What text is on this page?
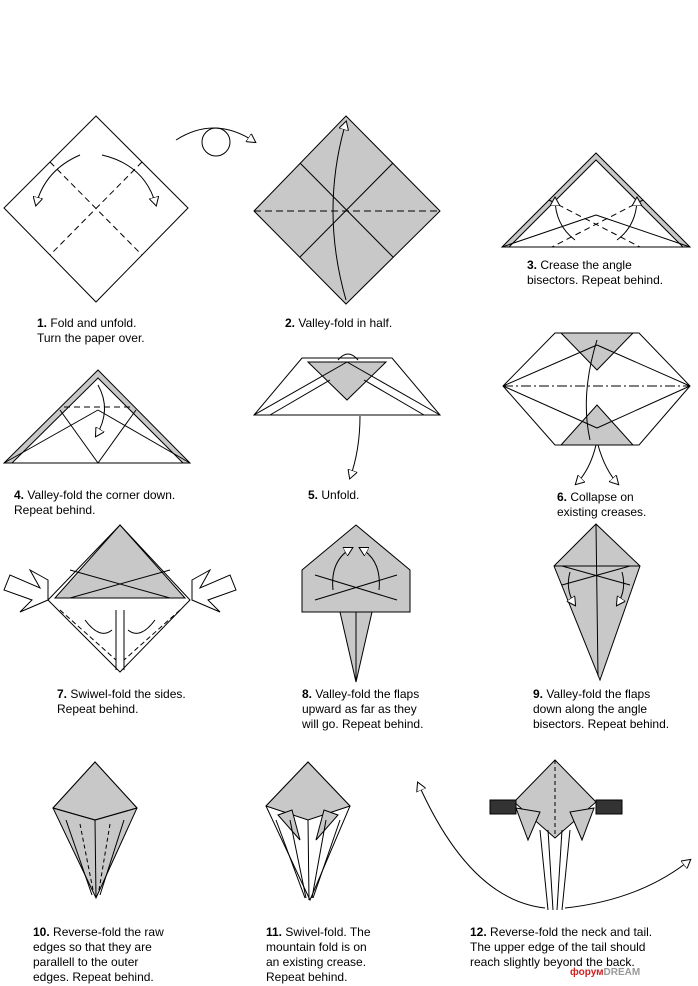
1. Fold and unfold.
Turn the paper over.
2. Valley-fold in half.
3. Crease the angle
bisectors. Repeat behind.
4. Valley-fold the corner down.
Repeat behind.
5. Unfold.	6. Collapse on
existing creases.
7. Swiwel-fold the sides.
Repeat behind.
8. Valley-fold the flaps
upward as far as they
will go. Repeat behind.
9. Valley-fold the flaps
down along the angle
bisectors. Repeat behind.
10. Reverse-fold the raw
edges so that they are
parallell to the outer
edges. Repeat behind.
11. Swivel-fold. The
mountain fold is on
an existing crease.
Repeat behind.
12. Reverse-fold the neck and tail.
The upper edge of the tail should
reach slightly beyond the back.
форумDREAM
